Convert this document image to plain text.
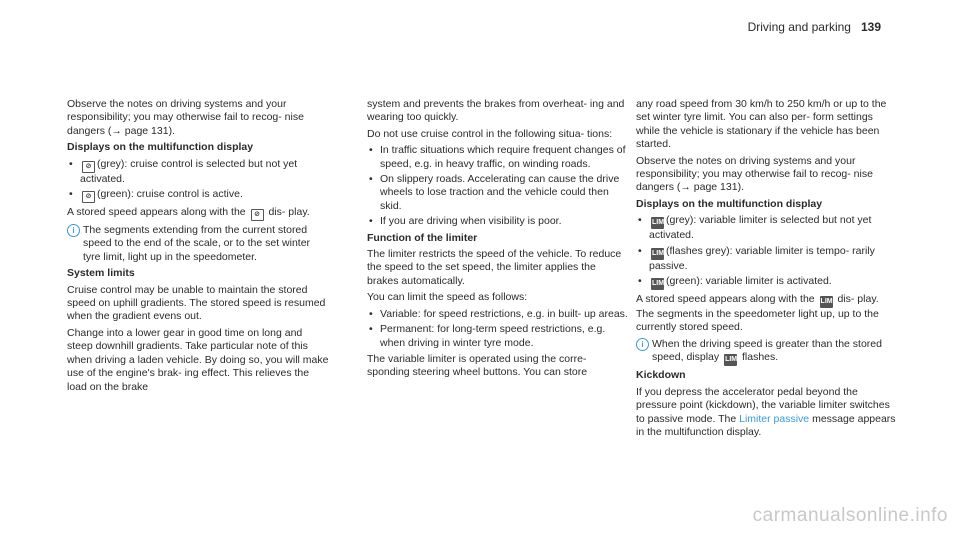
Driving and parking 139

Observe the notes on driving systems and your responsibility; you may otherwise fail to recog- nise dangers (→ page 131).

Displays on the multifunction display

• ⊘ (grey): cruise control is selected but not yet activated.
• ⊘ (green): cruise control is active.

A stored speed appears along with the ⊘ dis- play.

i The segments extending from the current stored speed to the end of the scale, or to the set winter tyre limit, light up in the speedometer.

System limits

Cruise control may be unable to maintain the stored speed on uphill gradients. The stored speed is resumed when the gradient evens out.

Change into a lower gear in good time on long and steep downhill gradients. Take particular note of this when driving a laden vehicle. By doing so, you will make use of the engine's brak- ing effect. This relieves the load on the brake

system and prevents the brakes from overheat- ing and wearing too quickly.

Do not use cruise control in the following situa- tions:

• In traffic situations which require frequent changes of speed, e.g. in heavy traffic, on winding roads.
• On slippery roads. Accelerating can cause the drive wheels to lose traction and the vehicle could then skid.
• If you are driving when visibility is poor.

Function of the limiter

The limiter restricts the speed of the vehicle. To reduce the speed to the set speed, the limiter applies the brakes automatically.

You can limit the speed as follows:

• Variable: for speed restrictions, e.g. in built- up areas.
• Permanent: for long-term speed restrictions, e.g. when driving in winter tyre mode.

The variable limiter is operated using the corre- sponding steering wheel buttons. You can store

any road speed from 30 km/h to 250 km/h or up to the set winter tyre limit. You can also per- form settings while the vehicle is stationary if the vehicle has been started.

Observe the notes on driving systems and your responsibility; you may otherwise fail to recog- nise dangers (→ page 131).

Displays on the multifunction display

• LIM (grey): variable limiter is selected but not yet activated.
• LIM (flashes grey): variable limiter is tempo- rarily passive.
• LIM (green): variable limiter is activated.

A stored speed appears along with the LIM dis- play. The segments in the speedometer light up, up to the currently stored speed.

i When the driving speed is greater than the stored speed, display LIM flashes.

Kickdown

If you depress the accelerator pedal beyond the pressure point (kickdown), the variable limiter switches to passive mode. The Limiter passive message appears in the multifunction display.

carmanualsonline.info
